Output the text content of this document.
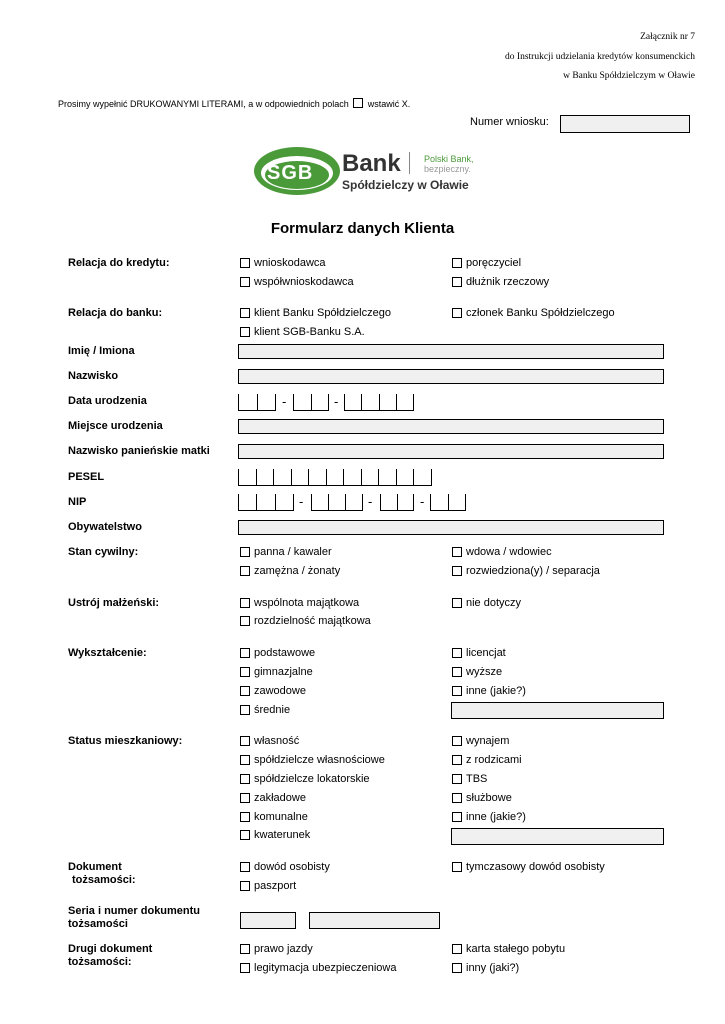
Załącznik nr 7
do Instrukcji udzielania kredytów konsumenckich
w Banku Spółdzielczym w Oławie
Prosimy wypełnić DRUKOWANYMI LITERAMI, a w odpowiednich polach wstawić X.
Numer wniosku:
SGB Bank	Polski Bank,
bezpieczny.
Spółdzielczy w Oławie
Formularz danych Klienta
Relacja do kredytu:	wnioskodawca	poręczyciel
współwnioskodawca	dłużnik rzeczowy
Relacja do banku:	klient Banku Spółdzielczego	członek Banku Spółdzielczego
klient SGB-Banku S.A.
Imię / Imiona
Nazwisko
Data urodzenia	-	-
Miejsce urodzenia
Nazwisko panieńskie matki
PESEL
NIP	-	-	-
Obywatelstwo
Stan cywilny:	panna / kawaler	wdowa / wdowiec
zamężna / żonaty	rozwiedziona(y) / separacja
Ustrój małżeński:	wspólnota majątkowa	nie dotyczy
rozdzielność majątkowa
Wykształcenie:	podstawowe	licencjat
gimnazjalne	wyższe
zawodowe	inne (jakie?)
średnie
Status mieszkaniowy:	własność	wynajem
spółdzielcze własnościowe	z rodzicami
spółdzielcze lokatorskie	TBS
zakładowe	służbowe
komunalne	inne (jakie?)
kwaterunek
Dokument
tożsamości:
dowód osobisty	tymczasowy dowód osobisty
paszport
Seria i numer dokumentu
tożsamości
Drugi dokument
tożsamości:
prawo jazdy	karta stałego pobytu
legitymacja ubezpieczeniowa	inny (jaki?)
